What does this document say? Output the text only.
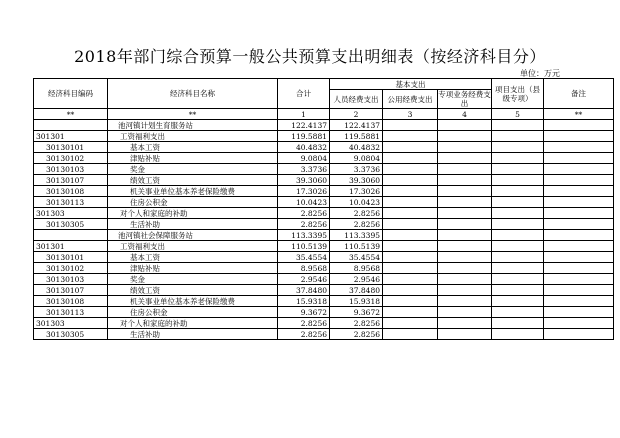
2018年部门综合预算一般公共预算支出明细表（按经济科目分）
单位：万元
经济科目编码	经济科目名称	合计	基本支出			项目支出（县级专项）	备注
			人员经费支出	公用经费支出	专项业务经费支出		
**	**	1	2	3	4	5	**
	池河镇计划生育服务站	122.4137	122.4137				
301301	工资福利支出	119.5881	119.5881				
30130101	基本工资	40.4832	40.4832				
30130102	津贴补贴	9.0804	9.0804				
30130103	奖金	3.3736	3.3736				
30130107	绩效工资	39.3060	39.3060				
30130108	机关事业单位基本养老保险缴费	17.3026	17.3026				
30130113	住房公积金	10.0423	10.0423				
301303	对个人和家庭的补助	2.8256	2.8256				
30130305	生活补助	2.8256	2.8256				
	池河镇社会保障服务站	113.3395	113.3395				
301301	工资福利支出	110.5139	110.5139				
30130101	基本工资	35.4554	35.4554				
30130102	津贴补贴	8.9568	8.9568				
30130103	奖金	2.9546	2.9546				
30130107	绩效工资	37.8480	37.8480				
30130108	机关事业单位基本养老保险缴费	15.9318	15.9318				
30130113	住房公积金	9.3672	9.3672				
301303	对个人和家庭的补助	2.8256	2.8256				
30130305	生活补助	2.8256	2.8256				
